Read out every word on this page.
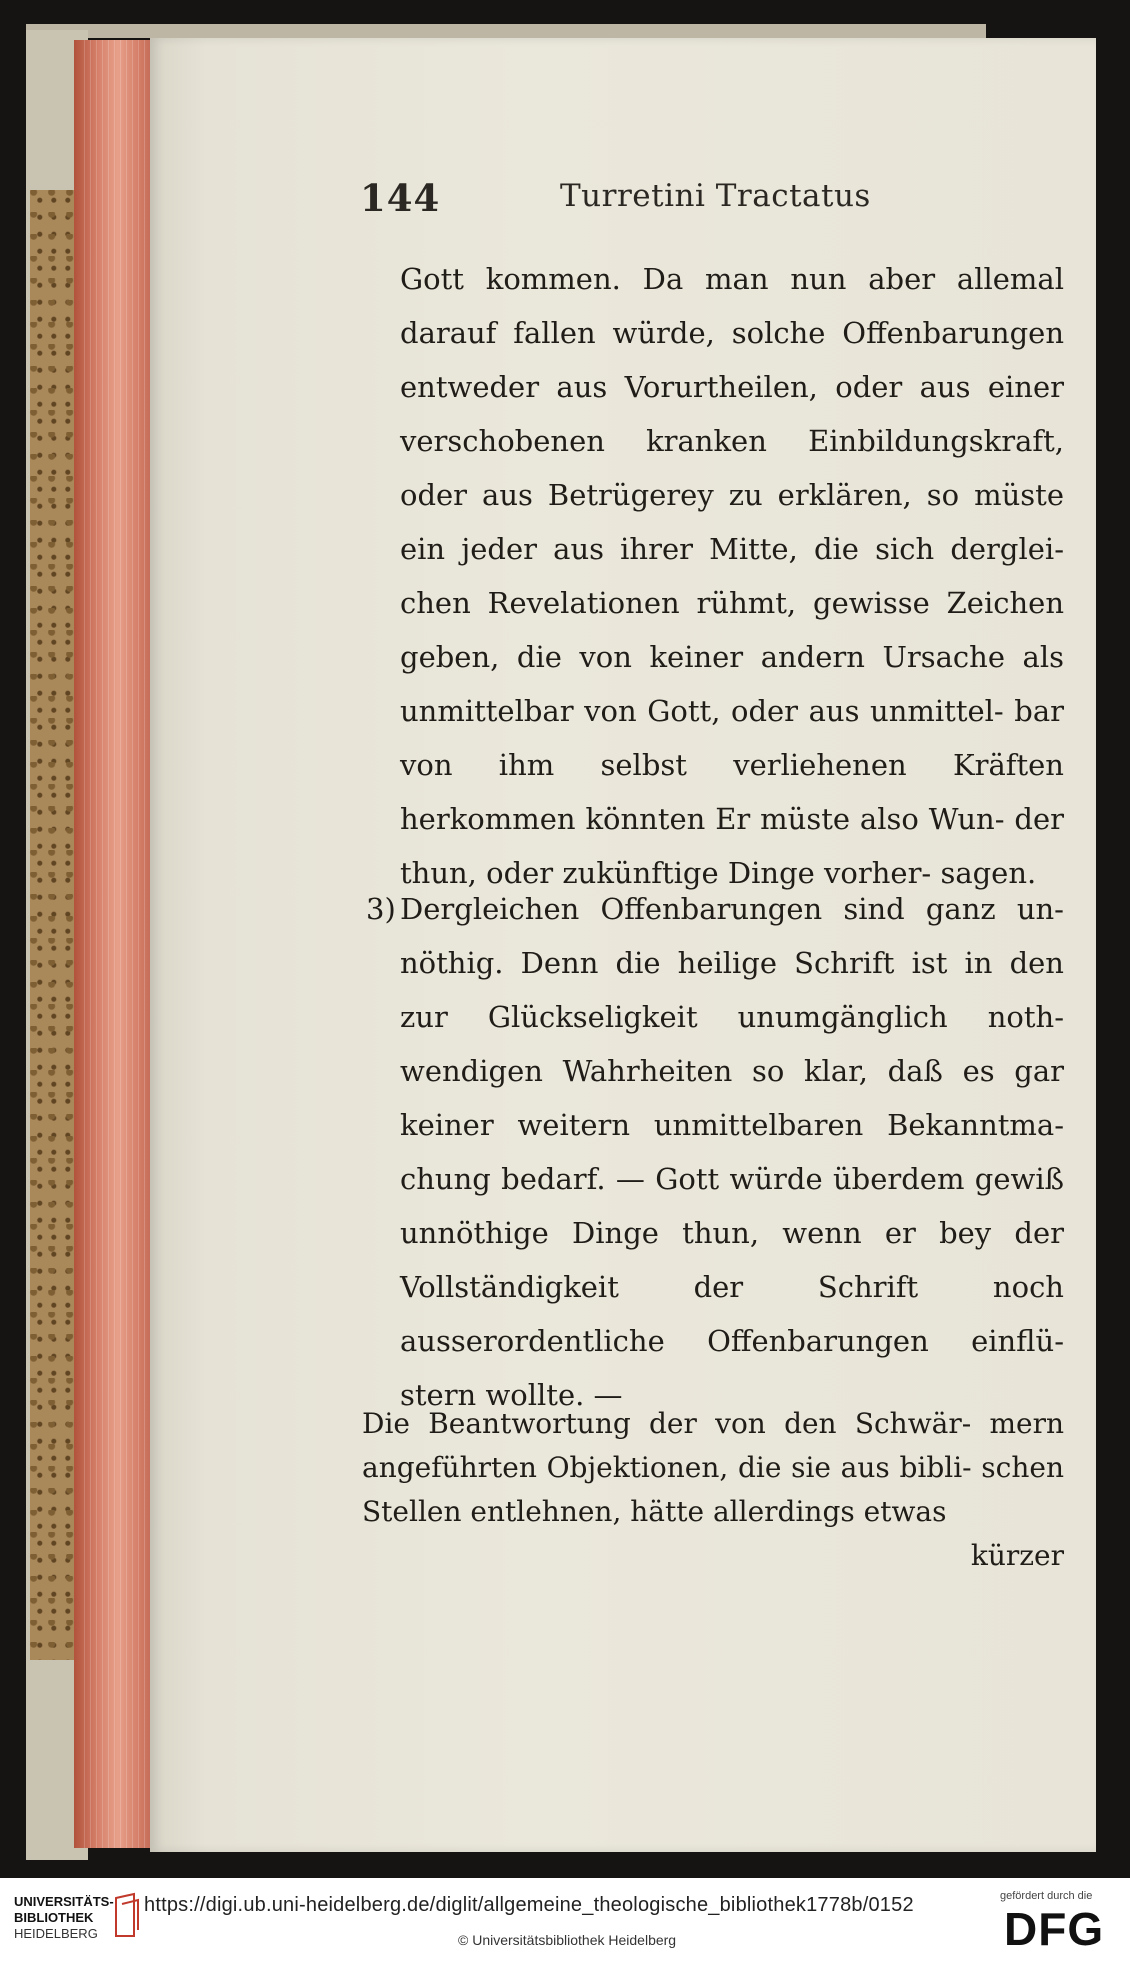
144	Turretini Tractatus

Gott kommen. Da man nun aber allemal darauf fallen würde, solche Offenbarungen entweder aus Vorurtheilen, oder aus einer verschobenen kranken Einbildungskraft, oder aus Betrügerey zu erklären, so müste ein jeder aus ihrer Mitte, die sich derglei- chen Revelationen rühmt, gewisse Zeichen geben, die von keiner andern Ursache als unmittelbar von Gott, oder aus unmittel- bar von ihm selbst verliehenen Kräften herkommen könnten Er müste also Wun- der thun, oder zukünftige Dinge vorher- sagen.

3) Dergleichen Offenbarungen sind ganz un- nöthig. Denn die heilige Schrift ist in den zur Glückseligkeit unumgänglich noth- wendigen Wahrheiten so klar, daß es gar keiner weitern unmittelbaren Bekanntma- chung bedarf. — Gott würde überdem gewiß unnöthige Dinge thun, wenn er bey der Vollständigkeit der Schrift noch ausserordentliche Offenbarungen einflü- stern wollte. —

Die Beantwortung der von den Schwär- mern angeführten Objektionen, die sie aus bibli- schen Stellen entlehnen, hätte allerdings etwas

kürzer
UNIVERSITÄTS-
BIBLIOTHEK
HEIDELBERG
https://digi.ub.uni-heidelberg.de/diglit/allgemeine_theologische_bibliothek1778b/0152
© Universitätsbibliothek Heidelberg
gefördert durch die
DFG
